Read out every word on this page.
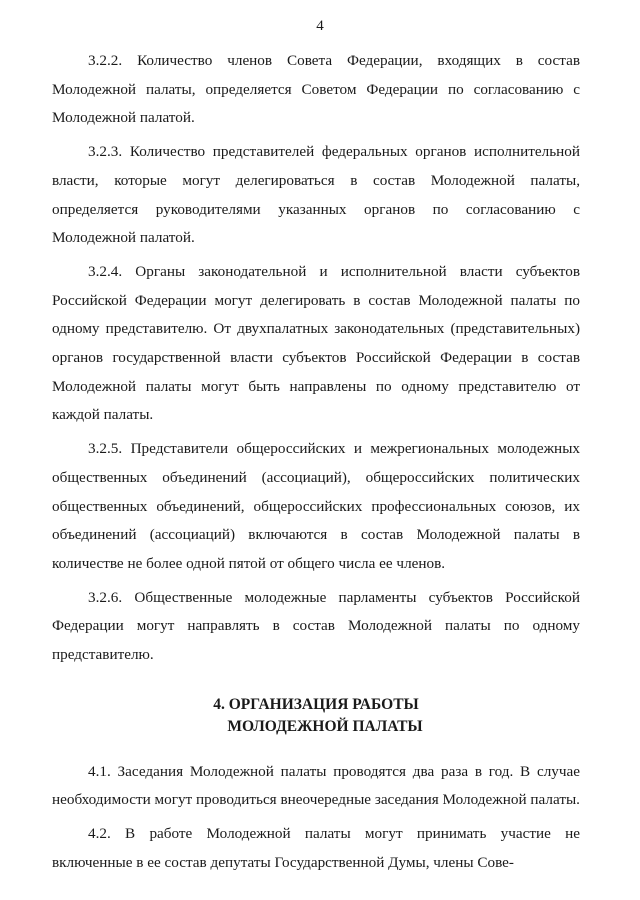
4

3.2.2. Количество членов Совета Федерации, входящих в состав Молодежной палаты, определяется Советом Федерации по согласованию с Молодежной палатой.

3.2.3. Количество представителей федеральных органов исполнительной власти, которые могут делегироваться в состав Молодежной палаты, определяется руководителями указанных органов по согласованию с Молодежной палатой.

3.2.4. Органы законодательной и исполнительной власти субъектов Российской Федерации могут делегировать в состав Молодежной палаты по одному представителю. От двухпалатных законодательных (представительных) органов государственной власти субъектов Российской Федерации в состав Молодежной палаты могут быть направлены по одному представителю от каждой палаты.

3.2.5. Представители общероссийских и межрегиональных молодежных общественных объединений (ассоциаций), общероссийских политических общественных объединений, общероссийских профессиональных союзов, их объединений (ассоциаций) включаются в состав Молодежной палаты в количестве не более одной пятой от общего числа ее членов.

3.2.6. Общественные молодежные парламенты субъектов Российской Федерации могут направлять в состав Молодежной палаты по одному представителю.

4. ОРГАНИЗАЦИЯ РАБОТЫ
МОЛОДЕЖНОЙ ПАЛАТЫ

4.1. Заседания Молодежной палаты проводятся два раза в год. В случае необходимости могут проводиться внеочередные заседания Молодежной палаты.

4.2. В работе Молодежной палаты могут принимать участие не включенные в ее состав депутаты Государственной Думы, члены Сове-
